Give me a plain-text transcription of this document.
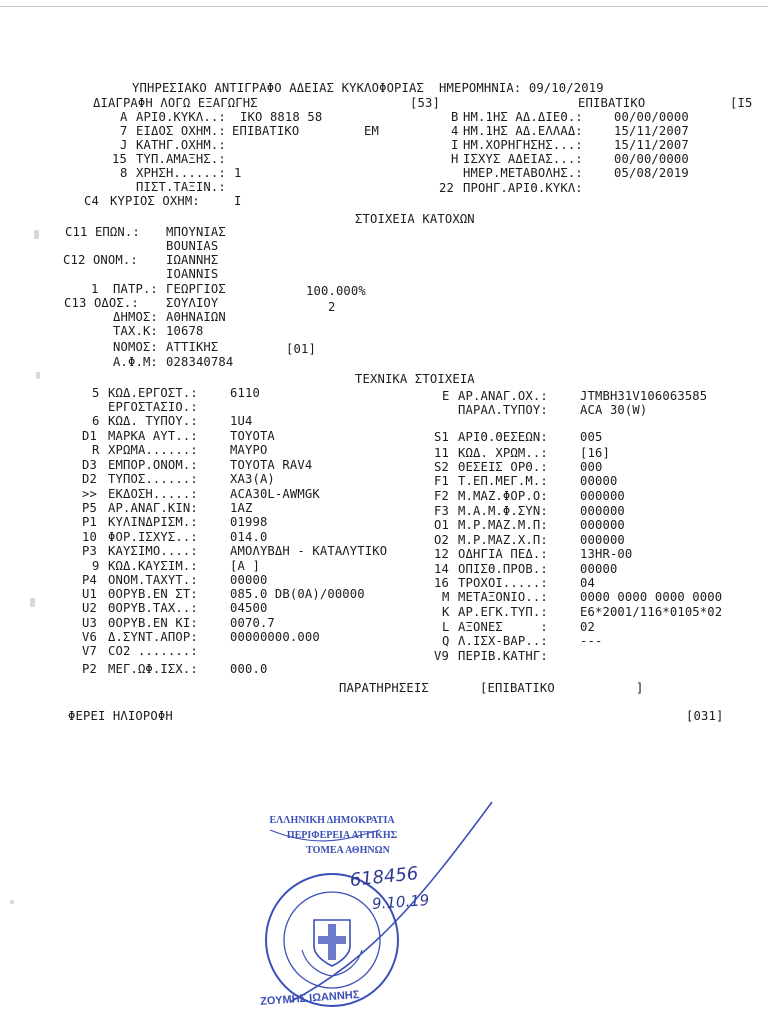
ΥΠΗΡΕΣΙΑΚΟ ΑΝΤΙΓΡΑΦΟ ΑΔΕΙΑΣ ΚΥΚΛΟΦΟΡΙΑΣ  ΗΜΕΡΟΜΗΝΙΑ: 09/10/2019
ΔΙΑΓΡΑΦΗ ΛΟΓΩ ΕΞΑΓΩΓΗΣ	[53]	ΕΠΙΒΑΤΙΚΟ	[I5
A ΑΡΙΘ.ΚΥΚΛ..: IKO 8818 58
7 ΕΙΔΟΣ ΟΧΗΜ.: ΕΠΙΒΑΤΙΚΟ	EM
J ΚΑΤΗΓ.ΟΧΗΜ.:
15 ΤΥΠ.ΑΜΑΞΗΣ.:
8 ΧΡΗΣΗ......: 1
ΠΙΣΤ.ΤΑΞΙΝ.:
C4 ΚΥΡΙΟΣ ΟΧΗΜ:	I
B ΗΜ.1ΗΣ ΑΔ.ΔΙΕΘ.:	00/00/0000
4 ΗΜ.1ΗΣ ΑΔ.ΕΛΛΑΔ:	15/11/2007
I ΗΜ.ΧΟΡΗΓΗΣΗΣ...:	15/11/2007
H ΙΣΧΥΣ ΑΔΕΙΑΣ...:	00/00/0000
ΗΜΕΡ.ΜΕΤΑΒΟΛΗΣ.:	05/08/2019
22 ΠΡΟΗΓ.ΑΡΙΘ.ΚΥΚΛ:
ΣΤΟΙΧΕΙΑ ΚΑΤΟΧΩΝ
C11 ΕΠΩΝ.: ΜΠΟΥΝΙΑΣ
BOUNIAS
C12 ΟΝΟΜ.: ΙΩΑΝΝΗΣ
IOANNIS
1 ΠΑΤΡ.: ΓΕΩΡΓΙΟΣ	100.000%
C13 ΟΔΟΣ.: ΣΟΥΛΙΟΥ	2
ΔΗΜΟΣ: ΑΘΗΝΑΙΩΝ
TAX.K: 10678
ΝΟΜΟΣ: ΑΤΤΙΚΗΣ	[01]
Α.Φ.Μ: 028340784
ΤΕΧΝΙΚΑ ΣΤΟΙΧΕΙΑ
ΠΑΡΑΤΗΡΗΣΕΙΣ	[ΕΠΙΒΑΤΙΚΟ	]
ΦΕΡΕΙ ΗΛΙΟΡΟΦΗ	[031]
ΕΛΛΗΝΙΚΗ ΔΗΜΟΚΡΑΤΙΑ
ΠΕΡΙΦΕΡΕΙΑ ΑΤΤΙΚΗΣ
ΤΟΜΕΑ ΑΘΗΝΩΝ
618456
9.10.19
ΖΟΥΜΗΣ ΙΩΑΝΝΗΣ
5 ΚΩΔ.ΕΡΓΟΣΤ.:	6110
ΕΡΓΟΣΤΑΣΙΟ.:
6 ΚΩΔ. ΤΥΠΟΥ.:	1U4
D1 ΜΑΡΚΑ ΑΥΤ..:	TOYOTA
R ΧΡΩΜΑ......:	ΜΑΥΡΟ
D3 ΕΜΠΟΡ.ΟΝΟΜ.:	TOYOTA RAV4
D2 ΤΥΠΟΣ......:	XA3(A)
>> ΕΚΔΟΣΗ.....:	ACA30L-AWMGK
P5 ΑΡ.ΑΝΑΓ.ΚΙΝ:	1AZ
P1 ΚΥΛΙΝΔΡΙΣΜ.:	01998
10 ΦΟΡ.ΙΣΧΥΣ..:	014.0
P3 ΚΑΥΣΙΜΟ....:	ΑΜΟΛΥΒΔΗ - ΚΑΤΑΛΥΤΙΚΟ
9 ΚΩΔ.ΚΑΥΣΙΜ.:	[A ]
P4 ΟΝΟΜ.ΤΑΧΥΤ.:	00000
U1 ΘΟΡΥΒ.ΕΝ ΣΤ:	085.0 DB(0A)/00000
U2 ΘΟΡΥΒ.ΤΑΧ..:	04500
U3 ΘΟΡΥΒ.ΕΝ ΚΙ:	0070.7
V6 Δ.ΣΥΝΤ.ΑΠΟΡ:	00000000.000
V7 CO2 .......:
P2 ΜΕΓ.ΩΦ.ΙΣΧ.:	000.0
E ΑΡ.ΑΝΑΓ.ΟΧ.:	JTMBH31V106063585
ΠΑΡΑΛ.ΤΥΠΟΥ:	ACA 30(W)
S1 ΑΡΙΘ.ΘΕΣΕΩΝ:	005
11 ΚΩΔ. ΧΡΩΜ..:	[16]
S2 ΘΕΣΕΙΣ ΟΡΘ.:	000
F1 Τ.ΕΠ.ΜΕΓ.Μ.:	00000
F2 Μ.ΜΑΖ.ΦΟΡ.Ο:	000000
F3 Μ.Α.Μ.Φ.ΣΥΝ:	000000
O1 Μ.Ρ.ΜΑΖ.Μ.Π:	000000
O2 Μ.Ρ.ΜΑΖ.Χ.Π:	000000
12 ΟΔΗΓΙΑ ΠΕΔ.:	13HR-00
14 ΟΠΙΣΘ.ΠΡΟΒ.:	00000
16 ΤΡΟΧΟΙ.....:	04
M ΜΕΤΑΞΟΝΙΟ..:	0000 0000 0000 0000
K ΑΡ.ΕΓΚ.ΤΥΠ.:	E6*2001/116*0105*02
L ΑΞΟΝΕΣ     :	02
Q Λ.ΙΣΧ-ΒΑΡ..:	---
V9 ΠΕΡΙΒ.ΚΑΤΗΓ:
